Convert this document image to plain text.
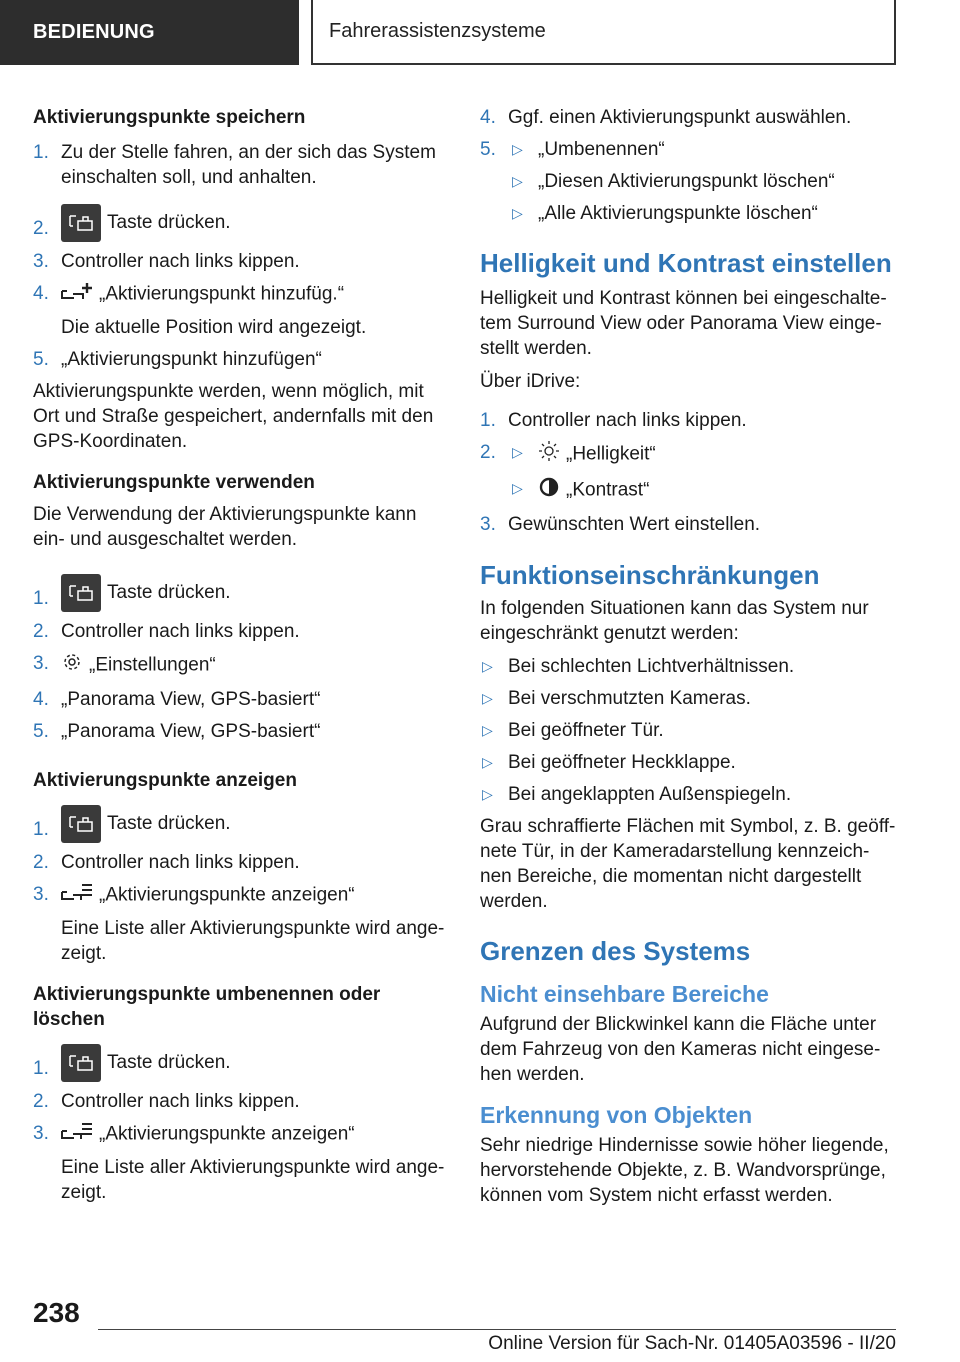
BEDIENUNG	Fahrerassistenzsysteme
Aktivierungspunkte speichern
1. Zu der Stelle fahren, an der sich das System einschalten soll, und anhalten.
2.	Taste drücken.
3. Controller nach links kippen.
4.	„Aktivierungspunkt hinzufüg.“
Die aktuelle Position wird angezeigt.
5. „Aktivierungspunkt hinzufügen“
Aktivierungspunkte werden, wenn möglich, mit Ort und Straße gespeichert, andernfalls mit den GPS-Koordinaten.
Aktivierungspunkte verwenden
Die Verwendung der Aktivierungspunkte kann ein- und ausgeschaltet werden.
1.	Taste drücken.
2. Controller nach links kippen.
3. „Einstellungen“
4. „Panorama View, GPS-basiert“
5. „Panorama View, GPS-basiert“
Aktivierungspunkte anzeigen
1.	Taste drücken.
2. Controller nach links kippen.
3.	„Aktivierungspunkte anzeigen“
Eine Liste aller Aktivierungspunkte wird ange-zeigt.
Aktivierungspunkte umbenennen oder löschen
1.	Taste drücken.
2. Controller nach links kippen.
3.	„Aktivierungspunkte anzeigen“
Eine Liste aller Aktivierungspunkte wird ange-zeigt.
4. Ggf. einen Aktivierungspunkt auswählen.
5. ▷ „Umbenennen“
▷ „Diesen Aktivierungspunkt löschen“
▷ „Alle Aktivierungspunkte löschen“
Helligkeit und Kontrast einstellen
Helligkeit und Kontrast können bei eingeschalte-tem Surround View oder Panorama View einge-stellt werden.
Über iDrive:
1. Controller nach links kippen.
2. ▷ „Helligkeit“
▷ „Kontrast“
3. Gewünschten Wert einstellen.
Funktionseinschränkungen
In folgenden Situationen kann das System nur eingeschränkt genutzt werden:
▷ Bei schlechten Lichtverhältnissen.
▷ Bei verschmutzten Kameras.
▷ Bei geöffneter Tür.
▷ Bei geöffneter Heckklappe.
▷ Bei angeklappten Außenspiegeln.
Grau schraffierte Flächen mit Symbol, z. B. geöff-nete Tür, in der Kameradarstellung kennzeich-nen Bereiche, die momentan nicht dargestellt werden.
Grenzen des Systems
Nicht einsehbare Bereiche
Aufgrund der Blickwinkel kann die Fläche unter dem Fahrzeug von den Kameras nicht eingese-hen werden.
Erkennung von Objekten
Sehr niedrige Hindernisse sowie höher liegende, hervorstehende Objekte, z. B. Wandvorsprünge, können vom System nicht erfasst werden.
238
Online Version für Sach-Nr. 01405A03596 - II/20
